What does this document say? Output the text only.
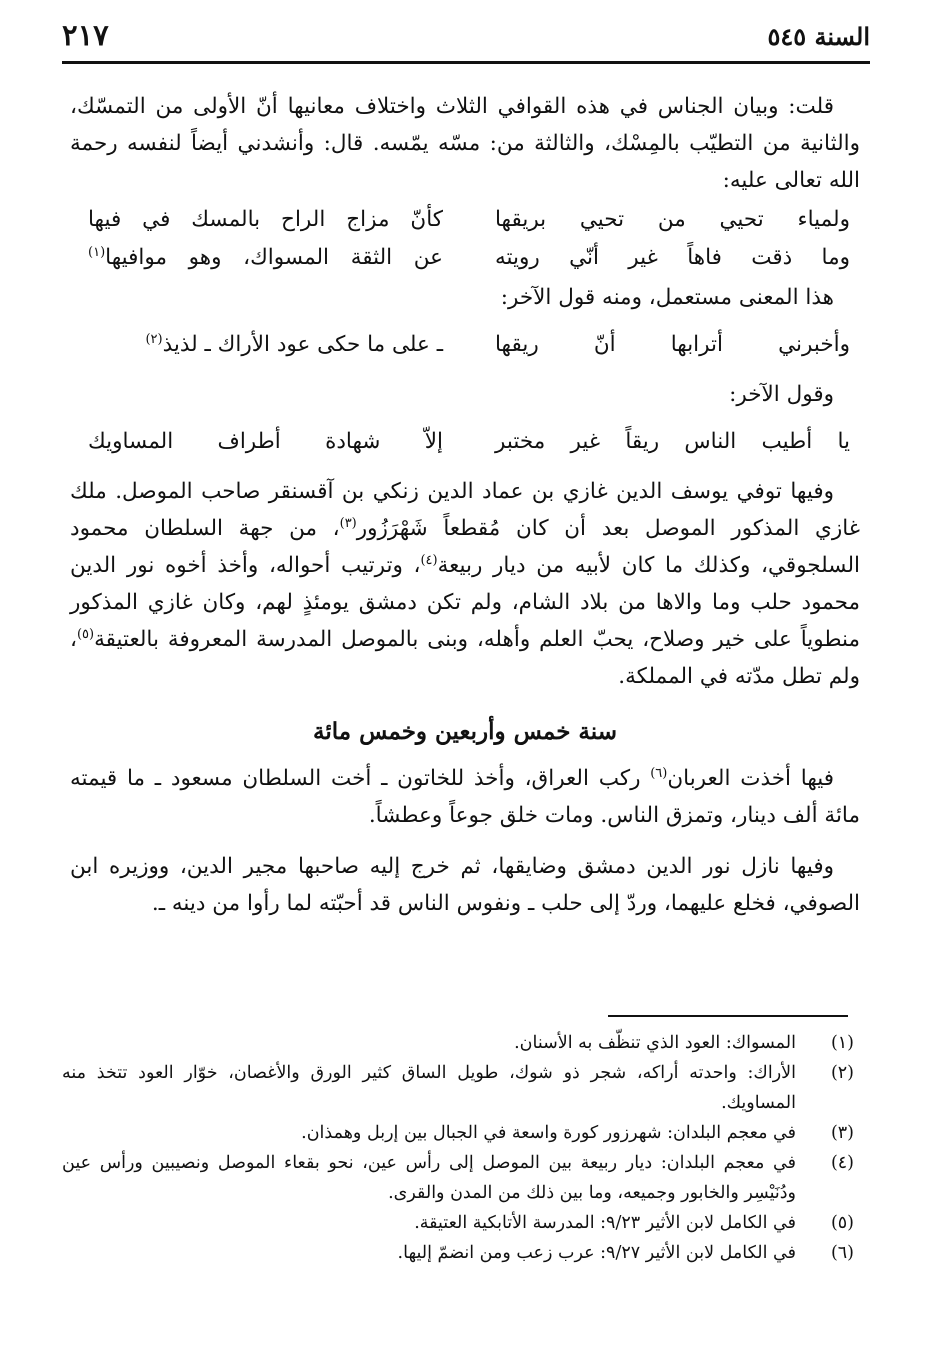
السنة ٥٤٥
٢١٧

قلت: وبيان الجناس في هذه القوافي الثلاث واختلاف معانيها أنّ الأولى من التمسّك، والثانية من التطيّب بالمِسْك، والثالثة من: مسّه يمّسه. قال: وأنشدني أيضاً لنفسه رحمة الله تعالى عليه:

ولمياء تحيي من تحيي بريقها
كأنّ مزاج الراح بالمسك في فيها
وما ذقت فاهاً غير أنّي رويته
عن الثقة المسواك، وهو موافيها$^{(١)}$

هذا المعنى مستعمل، ومنه قول الآخر:

وأخبرني أترابها أنّ ريقها
ـ على ما حكى عود الأراك ـ لذيذ$^{(٢)}$

وقول الآخر:

يا أطيب الناس ريقاً غير مختبر
إلاّ شهادة أطراف المساويك

وفيها توفي يوسف الدين غازي بن عماد الدين زنكي بن آقسنقر صاحب الموصل. ملك غازي المذكور الموصل بعد أن كان مُقطعاً شَهْرَزُور$^{(٣)}$، من جهة السلطان محمود السلجوقي، وكذلك ما كان لأبيه من ديار ربيعة$^{(٤)}$، وترتيب أحواله، وأخذ أخوه نور الدين محمود حلب وما والاها من بلاد الشام، ولم تكن دمشق يومئذٍ لهم، وكان غازي المذكور منطوياً على خير وصلاح، يحبّ العلم وأهله، وبنى بالموصل المدرسة المعروفة بالعتيقة$^{(٥)}$، ولم تطل مدّته في المملكة.

سنة خمس وأربعين وخمس مائة

فيها أخذت العربان$^{(٦)}$ ركب العراق، وأخذ للخاتون ـ أخت السلطان مسعود ـ ما قيمته مائة ألف دينار، وتمزق الناس. ومات خلق جوعاً وعطشاً.

وفيها نازل نور الدين دمشق وضايقها، ثم خرج إليه صاحبها مجير الدين، ووزيره ابن الصوفي، فخلع عليهما، وردّ إلى حلب ـ ونفوس الناس قد أحبّته لما رأوا من دينه ـ.

(١)
المسواك: العود الذي تنظّف به الأسنان.

(٢)
الأراك: واحدته أراكه، شجر ذو شوك، طويل الساق كثير الورق والأغصان، خوّار العود تتخذ منه المساويك.

(٣)
في معجم البلدان: شهرزور كورة واسعة في الجبال بين إربل وهمذان.

(٤)
في معجم البلدان: ديار ربيعة بين الموصل إلى رأس عين، نحو بقعاء الموصل ونصيبين ورأس عين ودُنَيْسِر والخابور وجميعه، وما بين ذلك من المدن والقرى.

(٥)
في الكامل لابن الأثير ٩/٢٣: المدرسة الأتابكية العتيقة.

(٦)
في الكامل لابن الأثير ٩/٢٧: عرب زعب ومن انضمّ إليها.
